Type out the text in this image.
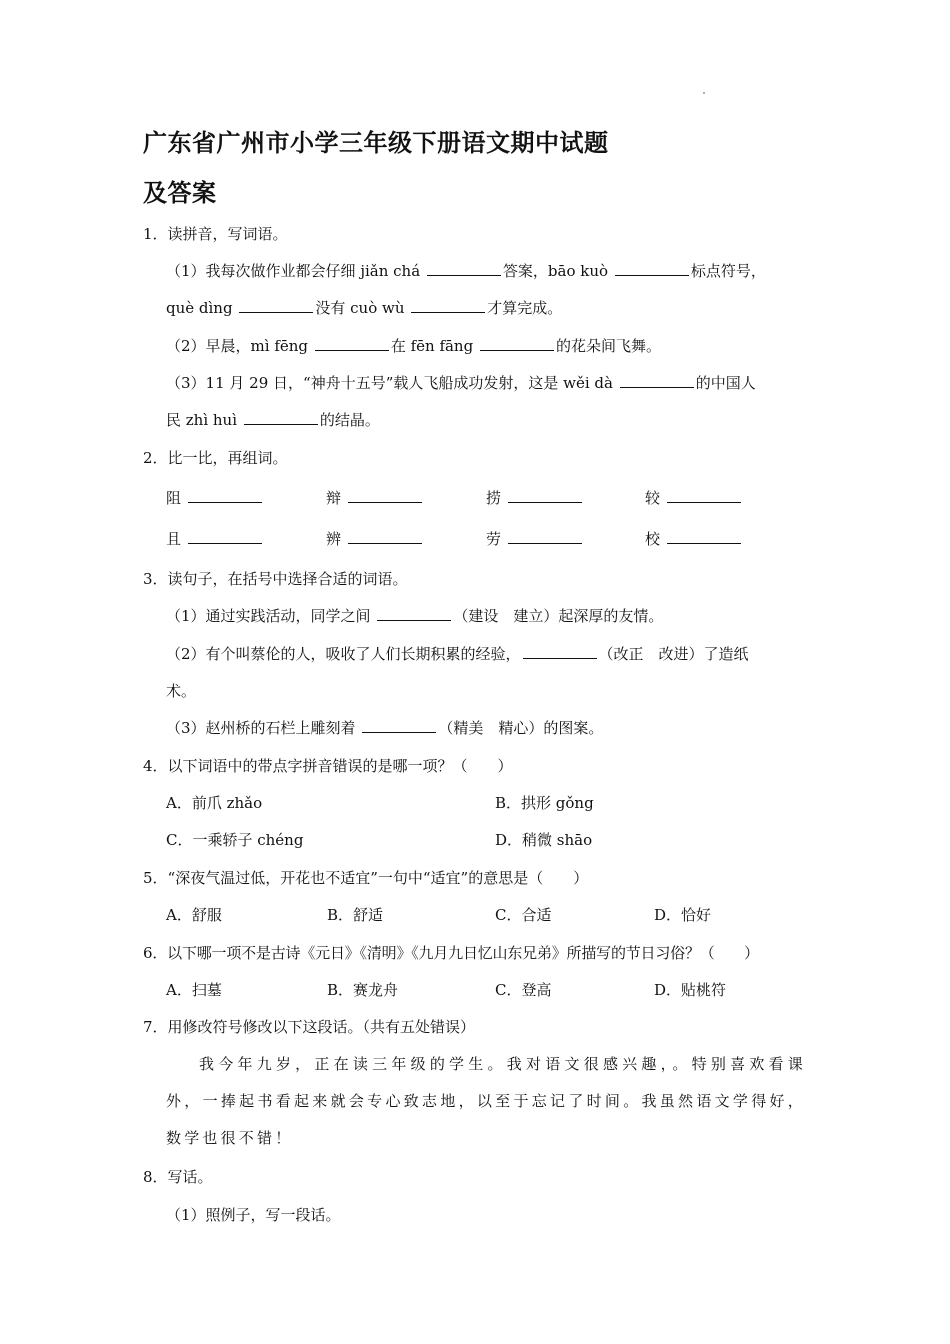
广东省广州市小学三年级下册语文期中试题
及答案
1．读拼音，写词语。
（1）我每次做作业都会仔细 jiǎn chá	答案，bāo kuò	标点符号，
què dìng	没有 cuò wù	才算完成。
（2）早晨，mì fēng	在 fēn fāng	的花朵间飞舞。
（3）11 月 29 日，“神舟十五号”载人飞船成功发射，这是 wěi dà	的中国人
民 zhì huì	的结晶。
2．比一比，再组词。
阻	辩	捞	较
且	辨	劳	校
3．读句子，在括号中选择合适的词语。
（1）通过实践活动，同学之间	（建设　建立）起深厚的友情。
（2）有个叫蔡伦的人，吸收了人们长期积累的经验，	（改正　改进）了造纸
术。
（3）赵州桥的石栏上雕刻着	（精美　精心）的图案。
4．以下词语中的带点字拼音错误的是哪一项？（　　）
A．前爪 zhǎo	B．拱形 gǒng
C．一乘轿子 chéng	D．稍微 shāo
5．“深夜气温过低，开花也不适宜”一句中“适宜”的意思是（　　）
A．舒服	B．舒适	C．合适	D．恰好
6．以下哪一项不是古诗《元日》《清明》《九月九日忆山东兄弟》所描写的节日习俗？（　　）
A．扫墓	B．赛龙舟	C．登高	D．贴桃符
7．用修改符号修改以下这段话。（共有五处错误）
我今年九岁，正在读三年级的学生。我对语文很感兴趣，。特别喜欢看课外，一捧起书看起来就会专心致志地，以至于忘记了时间。我虽然语文学得好，数学也很不错！
8．写话。
（1）照例子，写一段话。
